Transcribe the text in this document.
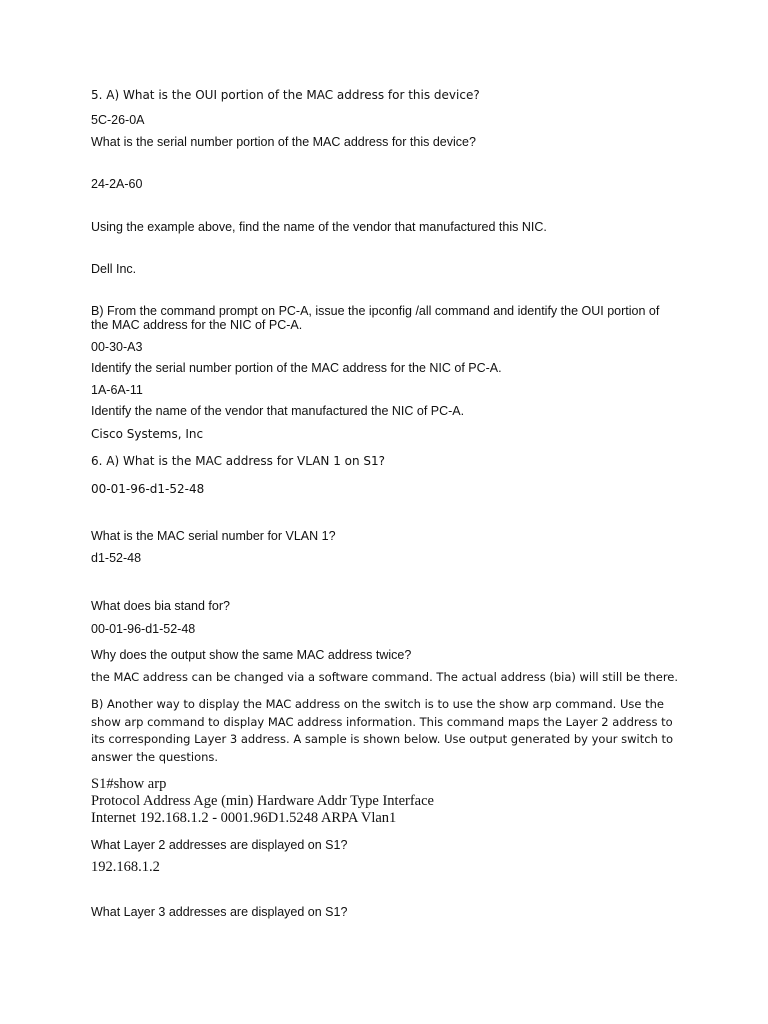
5. A) What is the OUI portion of the MAC address for this device?

5C-26-0A

What is the serial number portion of the MAC address for this device?

24-2A-60

Using the example above, find the name of the vendor that manufactured this NIC.

Dell Inc.

B) From the command prompt on PC-A, issue the ipconfig /all command and identify the OUI portion of the MAC address for the NIC of PC-A.

00-30-A3

Identify the serial number portion of the MAC address for the NIC of PC-A.

1A-6A-11

Identify the name of the vendor that manufactured the NIC of PC-A.

Cisco Systems, Inc

6. A) What is the MAC address for VLAN 1 on S1?

00-01-96-d1-52-48

What is the MAC serial number for VLAN 1?

d1-52-48

What does bia stand for?

00-01-96-d1-52-48

Why does the output show the same MAC address twice?

the MAC address can be changed via a software command. The actual address (bia) will still be there.

B) Another way to display the MAC address on the switch is to use the show arp command. Use the show arp command to display MAC address information. This command maps the Layer 2 address to its corresponding Layer 3 address. A sample is shown below. Use output generated by your switch to answer the questions.

S1#show arp

Protocol Address Age (min) Hardware Addr Type Interface

Internet 192.168.1.2 - 0001.96D1.5248 ARPA Vlan1

What Layer 2 addresses are displayed on S1?

192.168.1.2

What Layer 3 addresses are displayed on S1?
